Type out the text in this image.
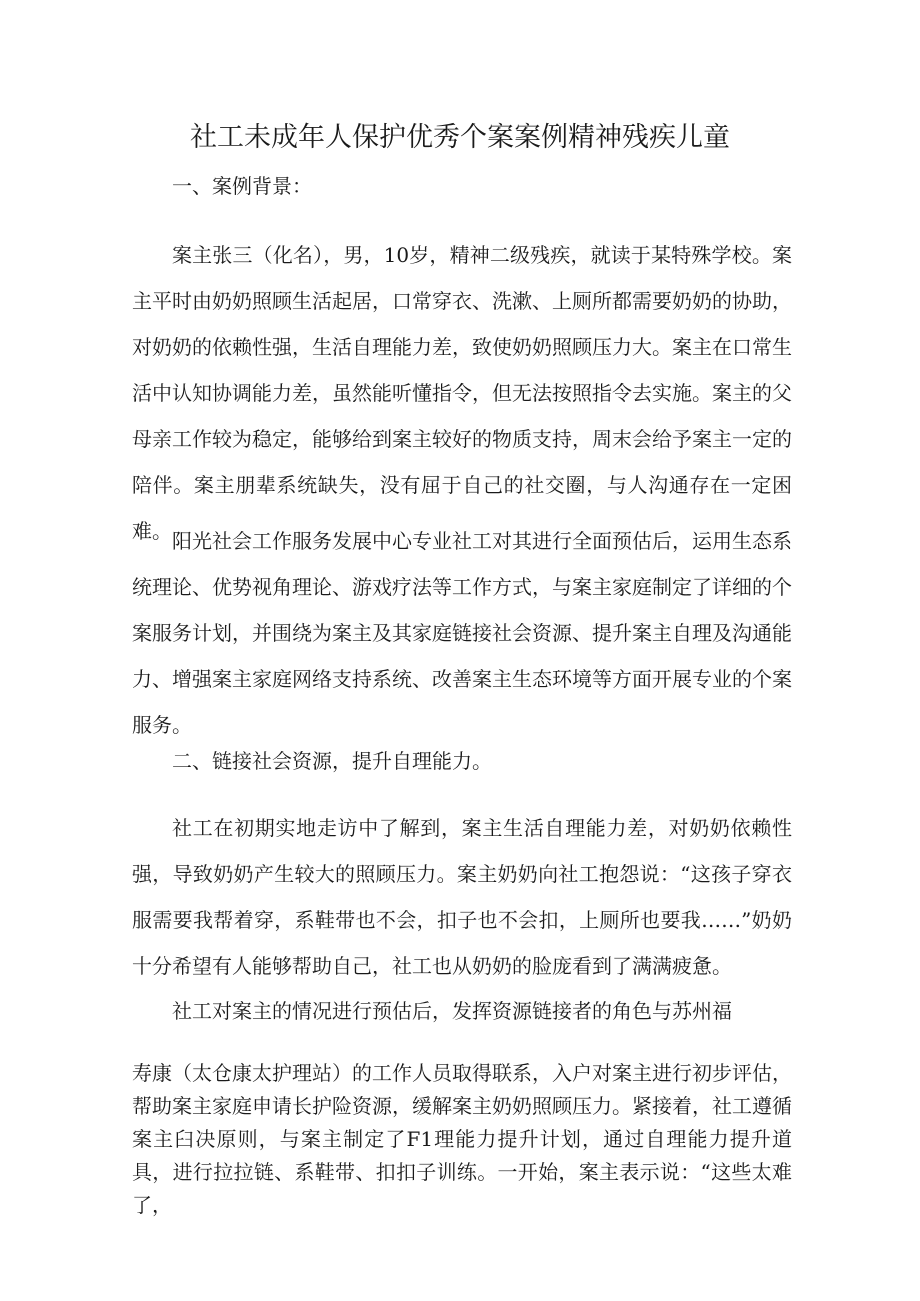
社工未成年人保护优秀个案案例精神残疾儿童

一、案例背景：

案主张三（化名），男，10岁，精神二级残疾，就读于某特殊学校。案主平时由奶奶照顾生活起居，口常穿衣、洗漱、上厕所都需要奶奶的协助，对奶奶的依赖性强，生活自理能力差，致使奶奶照顾压力大。案主在口常生活中认知协调能力差，虽然能听懂指令，但无法按照指令去实施。案主的父母亲工作较为稳定，能够给到案主较好的物质支持，周末会给予案主一定的陪伴。案主朋辈系统缺失，没有屈于自己的社交圈，与人沟通存在一定困难。 阳光社会工作服务发展中心专业社工对其进行全面预估后，运用生态系统理论、优势视角理论、游戏疗法等工作方式，与案主家庭制定了详细的个案服务计划，并围绕为案主及其家庭链接社会资源、提升案主自理及沟通能力、增强案主家庭网络支持系统、改善案主生态环境等方面开展专业的个案服务。

二、链接社会资源，提升自理能力。

社工在初期实地走访中了解到，案主生活自理能力差，对奶奶依赖性强，导致奶奶产生较大的照顾压力。案主奶奶向社工抱怨说：“这孩子穿衣服需要我帮着穿，系鞋带也不会，扣子也不会扣，上厕所也要我……”奶奶十分希望有人能够帮助自己，社工也从奶奶的脸庞看到了满满疲惫。

社工对案主的情况进行预估后，发挥资源链接者的角色与苏州福

寿康（太仓康太护理站）的工作人员取得联系，入户对案主进行初步评估，帮助案主家庭申请长护险资源，缓解案主奶奶照顾压力。紧接着，社工遵循案主臼决原则，与案主制定了F1理能力提升计划，通过自理能力提升道具，进行拉拉链、系鞋带、扣扣子训练。一开始，案主表示说：“这些太难了，
